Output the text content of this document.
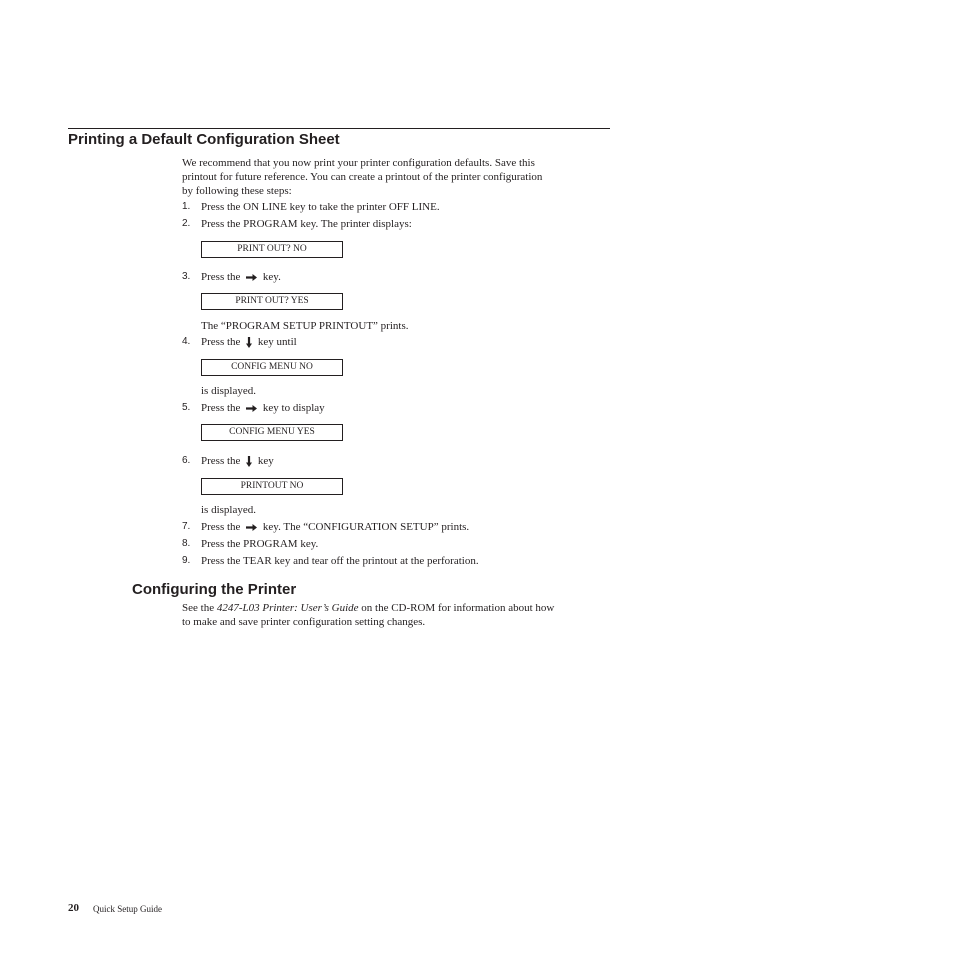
Printing a Default Configuration Sheet
We recommend that you now print your printer configuration defaults. Save this
printout for future reference. You can create a printout of the printer configuration
by following these steps:
1. Press the ON LINE key to take the printer OFF LINE.
2. Press the PROGRAM key. The printer displays:
PRINT OUT? NO
3. Press the key.
PRINT OUT? YES
The “PROGRAM SETUP PRINTOUT” prints.
4. Press the key until
CONFIG MENU NO
is displayed.
5. Press the key to display
CONFIG MENU YES
6. Press the key
PRINTOUT NO
is displayed.
7. Press the key. The “CONFIGURATION SETUP” prints.
8. Press the PROGRAM key.
9. Press the TEAR key and tear off the printout at the perforation.
Configuring the Printer
See the 4247-L03 Printer: User’s Guide on the CD-ROM for information about how
to make and save printer configuration setting changes.
20 Quick Setup Guide
